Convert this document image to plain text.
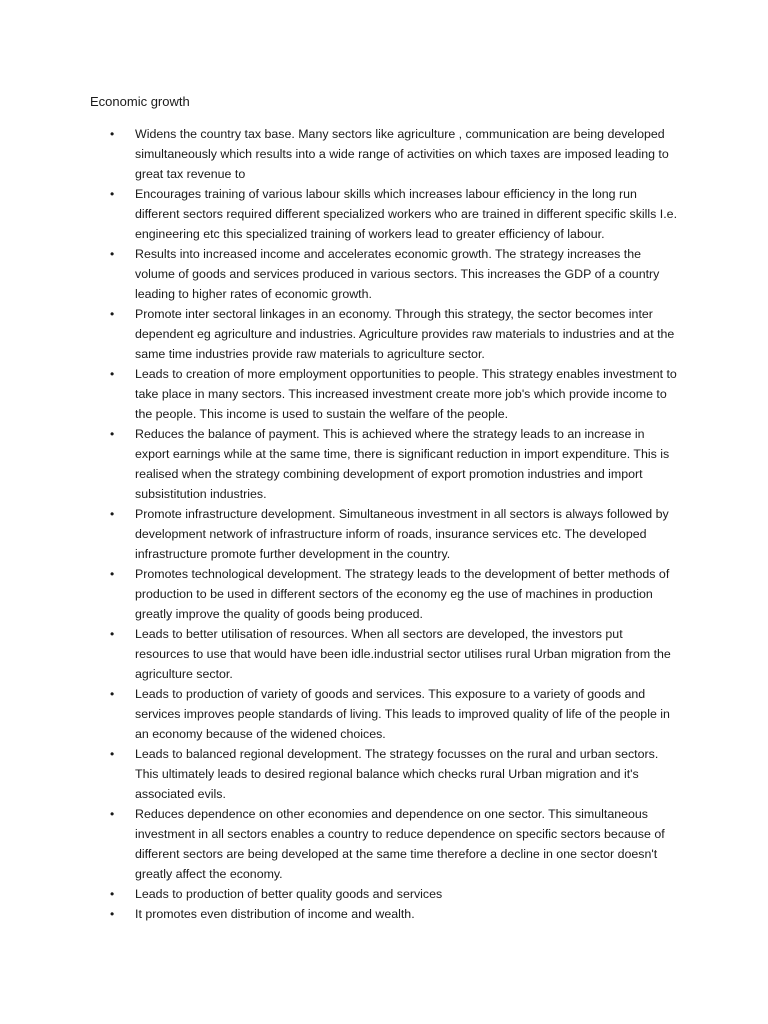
Economic growth
• Widens the country tax base. Many sectors like agriculture , communication are being developed simultaneously which results into a wide range of activities on which taxes are imposed leading to great tax revenue to
• Encourages training of various labour skills which increases labour efficiency in the long run different sectors required different specialized workers who are trained in different specific skills I.e. engineering etc this specialized training of workers lead to greater efficiency of labour.
• Results into increased income and accelerates economic growth. The strategy increases the volume of goods and services produced in various sectors. This increases the GDP of a country leading to higher rates of economic growth.
• Promote inter sectoral linkages in an economy. Through this strategy, the sector becomes inter dependent eg agriculture and industries. Agriculture provides raw materials to industries and at the same time industries provide raw materials to agriculture sector.
• Leads to creation of more employment opportunities to people. This strategy enables investment to take place in many sectors. This increased investment create more job's which provide income to the people. This income is used to sustain the welfare of the people.
• Reduces the balance of payment. This is achieved where the strategy leads to an increase in export earnings while at the same time, there is significant reduction in import expenditure. This is realised when the strategy combining development of export promotion industries and import subsistitution industries.
• Promote infrastructure development. Simultaneous investment in all sectors is always followed by development network of infrastructure inform of roads, insurance services etc. The developed infrastructure promote further development in the country.
• Promotes technological development. The strategy leads to the development of better methods of production to be used in different sectors of the economy eg the use of machines in production greatly improve the quality of goods being produced.
• Leads to better utilisation of resources. When all sectors are developed, the investors put resources to use that would have been idle.industrial sector utilises rural Urban migration from the agriculture sector.
• Leads to production of variety of goods and services. This exposure to a variety of goods and services improves people standards of living. This leads to improved quality of life of the people in an economy because of the widened choices.
• Leads to balanced regional development. The strategy focusses on the rural and urban sectors. This ultimately leads to desired regional balance which checks rural Urban migration and it's associated evils.
• Reduces dependence on other economies and dependence on one sector. This simultaneous investment in all sectors enables a country to reduce dependence on specific sectors because of different sectors are being developed at the same time therefore a decline in one sector doesn't greatly affect the economy.
• Leads to production of better quality goods and services
• It promotes even distribution of income and wealth.
